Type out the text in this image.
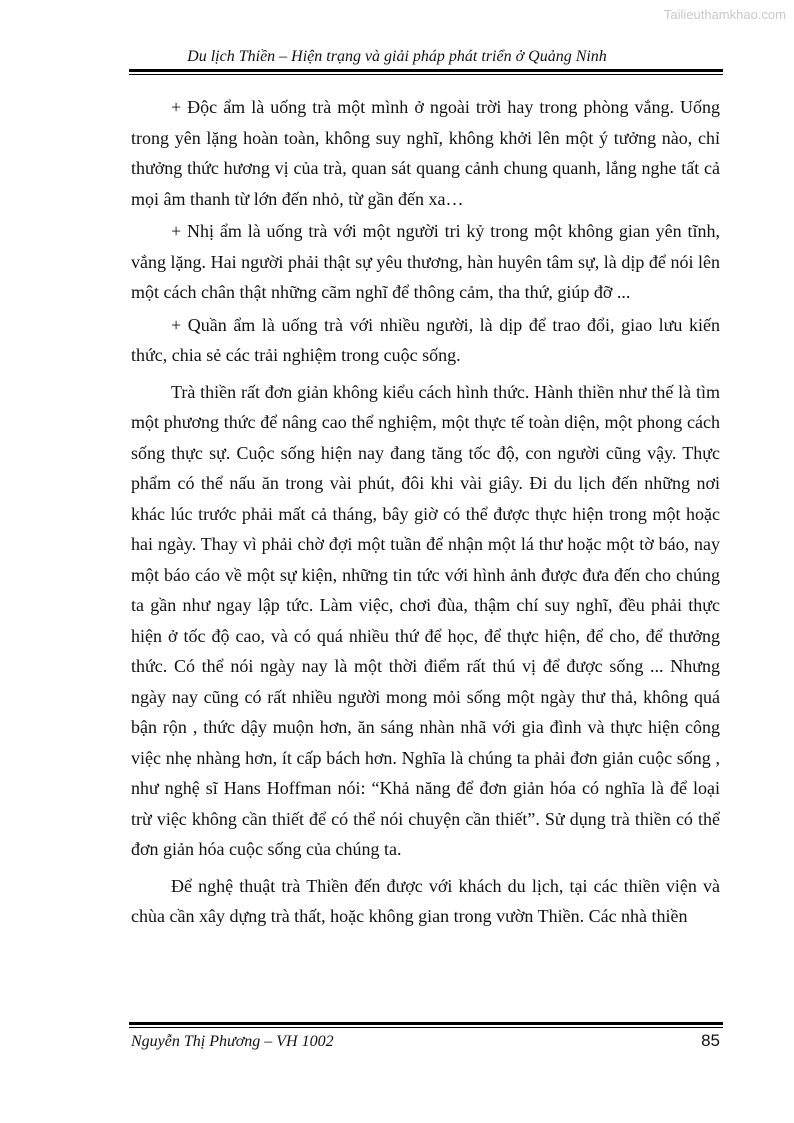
Tailieuthamkhao.com
Du lịch Thiền – Hiện trạng và giải pháp phát triển ở Quảng Ninh

+ Độc ẩm là uống trà một mình ở ngoài trời hay trong phòng vắng. Uống trong yên lặng hoàn toàn, không suy nghĩ, không khởi lên một ý tưởng nào, chỉ thưởng thức hương vị của trà, quan sát quang cảnh chung quanh, lắng nghe tất cả mọi âm thanh từ lớn đến nhỏ, từ gần đến xa…

+ Nhị ẩm là uống trà với một người tri kỷ trong một không gian yên tĩnh, vắng lặng. Hai người phải thật sự yêu thương, hàn huyên tâm sự, là dịp để nói lên một cách chân thật những cãm nghĩ để thông cảm, tha thứ, giúp đỡ ...

+ Quần ẩm là uống trà với nhiều người, là dịp để trao đổi, giao lưu kiến thức, chia sẻ các trải nghiệm trong cuộc sống.

Trà thiền rất đơn giản không kiểu cách hình thức. Hành thiền như thế là tìm một phương thức để nâng cao thể nghiệm, một thực tế toàn diện, một phong cách sống thực sự. Cuộc sống hiện nay đang tăng tốc độ, con người cũng vậy. Thực phẩm có thể nấu ăn trong vài phút, đôi khi vài giây. Đi du lịch đến những nơi khác lúc trước phải mất cả tháng, bây giờ có thể được thực hiện trong một hoặc hai ngày. Thay vì phải chờ đợi một tuần để nhận một lá thư hoặc một tờ báo, nay một báo cáo về một sự kiện, những tin tức với hình ảnh được đưa đến cho chúng ta gần như ngay lập tức. Làm việc, chơi đùa, thậm chí suy nghĩ, đều phải thực hiện ở tốc độ cao, và có quá nhiều thứ để học, để thực hiện, để cho, để thưởng thức. Có thể nói ngày nay là một thời điểm rất thú vị để được sống ... Nhưng ngày nay cũng có rất nhiều người mong mỏi sống một ngày thư thả, không quá bận rộn , thức dậy muộn hơn, ăn sáng nhàn nhã với gia đình và thực hiện công việc nhẹ nhàng hơn, ít cấp bách hơn. Nghĩa là chúng ta phải đơn giản cuộc sống , như nghệ sĩ Hans Hoffman nói: “Khả năng để đơn giản hóa có nghĩa là để loại trừ việc không cần thiết để có thể nói chuyện cần thiết”. Sử dụng trà thiền có thể đơn giản hóa cuộc sống của chúng ta.

Để nghệ thuật trà Thiền đến được với khách du lịch, tại các thiền viện và chùa cần xây dựng trà thất, hoặc không gian trong vườn Thiền. Các nhà thiền

Nguyễn Thị Phương – VH 1002	85
